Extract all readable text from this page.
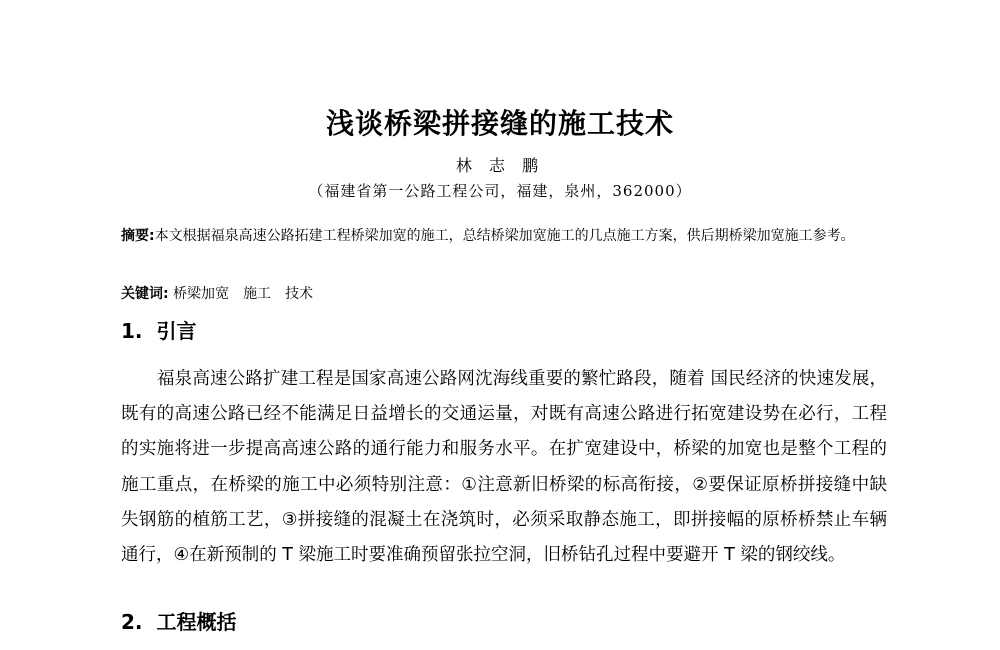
浅谈桥梁拼接缝的施工技术
林 志 鹏
（福建省第一公路工程公司，福建，泉州，362000）

摘要:本文根据福泉高速公路拓建工程桥梁加宽的施工，总结桥梁加宽施工的几点施工方案，供后期桥梁加宽施工参考。

关键词: 桥梁加宽 施工 技术
1. 引言

福泉高速公路扩建工程是国家高速公路网沈海线重要的繁忙路段，随着 国民经济的快速发展，既有的高速公路已经不能满足日益增长的交通运量，对既有高速公路进行拓宽建设势在必行，工程的实施将进一步提高高速公路的通行能力和服务水平。在扩宽建设中，桥梁的加宽也是整个工程的施工重点，在桥梁的施工中必须特别注意：①注意新旧桥梁的标高衔接，②要保证原桥拼接缝中缺失钢筋的植筋工艺，③拼接缝的混凝土在浇筑时，必须采取静态施工，即拼接幅的原桥桥禁止车辆通行，④在新预制的 T 梁施工时要准确预留张拉空洞，旧桥钻孔过程中要避开 T 梁的钢绞线。

2. 工程概括
